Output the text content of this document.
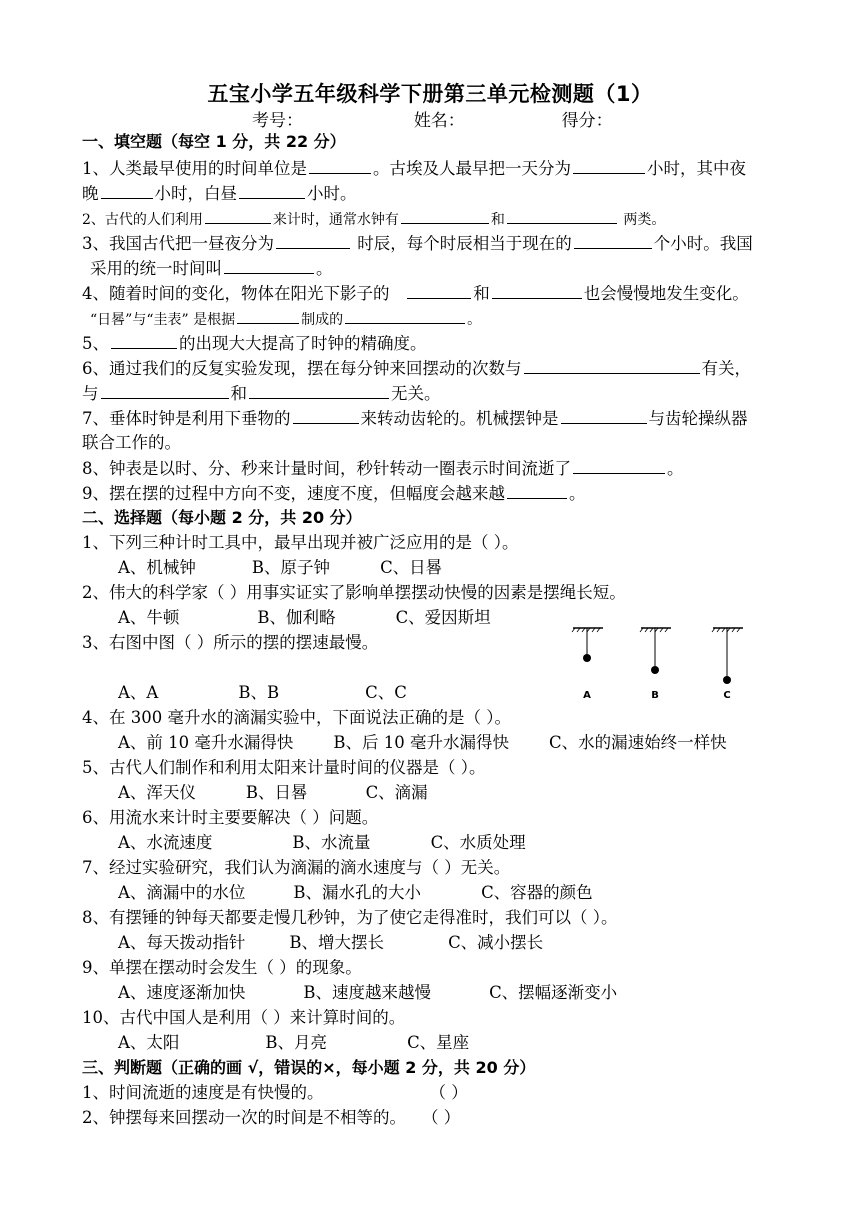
五宝小学五年级科学下册第三单元检测题（1）
考号：	姓名：	得分：
一、填空题（每空 1 分，共 22 分）
1、人类最早使用的时间单位是	。古埃及人最早把一天分为	小时，其中夜
晚	小时，白昼	小时。
2、古代的人们利用	来计时，通常水钟有	和	两类。
3、我国古代把一昼夜分为	时辰，每个时辰相当于现在的	个小时。我国
采用的统一时间叫	。
4、随着时间的变化，物体在阳光下影子的	和	也会慢慢地发生变化。
“日晷”与“圭表” 是根据	制成的	。
5、	的出现大大提高了时钟的精确度。
6、通过我们的反复实验发现，摆在每分钟来回摆动的次数与	有关，
与	和	无关。
7、垂体时钟是利用下垂物的	来转动齿轮的。机械摆钟是	与齿轮操纵器
联合工作的。
8、钟表是以时、分、秒来计量时间，秒针转动一圈表示时间流逝了	。
9、摆在摆的过程中方向不变，速度不度，但幅度会越来越	。
二、选择题（每小题 2 分，共 20 分）
1、下列三种计时工具中，最早出现并被广泛应用的是（ ）。
A、机械钟	B、原子钟	C、日晷
2、伟大的科学家（ ）用事实证实了影响单摆摆动快慢的因素是摆绳长短。
A、牛顿	B、伽利略	C、爱因斯坦
3、右图中图（ ）所示的摆的摆速最慢。
A、A	B、B	C、C	A	B	C
4、在 300 毫升水的滴漏实验中，下面说法正确的是（ ）。
A、前 10 毫升水漏得快 B、后 10 毫升水漏得快 C、水的漏速始终一样快
5、古代人们制作和利用太阳来计量时间的仪器是（ ）。
A、浑天仪	B、日晷	C、滴漏
6、用流水来计时主要要解决（ ）问题。
A、水流速度	B、水流量	C、水质处理
7、经过实验研究，我们认为滴漏的滴水速度与（ ）无关。
A、滴漏中的水位	B、漏水孔的大小	C、容器的颜色
8、有摆锤的钟每天都要走慢几秒钟，为了使它走得准时，我们可以（ ）。
A、每天拨动指针	B、增大摆长	C、减小摆长
9、单摆在摆动时会发生（ ）的现象。
A、速度逐渐加快	B、速度越来越慢	C、摆幅逐渐变小
10、古代中国人是利用（ ）来计算时间的。
A、太阳	B、月亮	C、星座
三、判断题（正确的画 √，错误的×，每小题 2 分，共 20 分）
1、时间流逝的速度是有快慢的。	（ ）
2、钟摆每来回摆动一次的时间是不相等的。 （ ）
